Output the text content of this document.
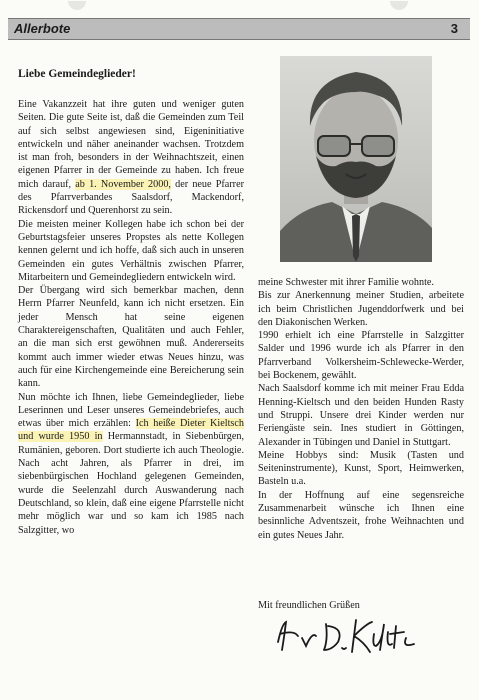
Allerbote	3
Liebe Gemeindeglieder!

Eine Vakanzzeit hat ihre guten und weniger guten Seiten. Die gute Seite ist, daß die Gemeinden zum Teil auf sich selbst angewiesen sind, Eigeninitiative entwickeln und näher aneinander wachsen. Trotzdem ist man froh, besonders in der Weihnachtszeit, einen eigenen Pfarrer in der Gemeinde zu haben. Ich freue mich darauf, ab 1. November 2000, der neue Pfarrer des Pfarrverbandes Saalsdorf, Mackendorf, Rickensdorf und Querenhorst zu sein.

Die meisten meiner Kollegen habe ich schon bei der Geburtstagsfeier unseres Propstes als nette Kollegen kennen gelernt und ich hoffe, daß sich auch in unseren Gemeinden ein gutes Verhältnis zwischen Pfarrer, Mitarbeitern und Gemeindegliedern entwickeln wird.

Der Übergang wird sich bemerkbar machen, denn Herrn Pfarrer Neunfeld, kann ich nicht ersetzen. Ein jeder Mensch hat seine eigenen Charaktereigenschaften, Qualitäten und auch Fehler, an die man sich erst gewöhnen muß. Andererseits kommt auch immer wieder etwas Neues hinzu, was auch für eine Kirchengemeinde eine Bereicherung sein kann.

Nun möchte ich Ihnen, liebe Gemeindeglieder, liebe Leserinnen und Leser unseres Gemeindebriefes, auch etwas über mich erzählen: Ich heiße Dieter Kieltsch und wurde 1950 in Hermannstadt, in Siebenbürgen, Rumänien, geboren. Dort studierte ich auch Theologie. Nach acht Jahren, als Pfarrer in drei, im siebenbürgischen Hochland gelegenen Gemeinden, wurde die Seelenzahl durch Auswanderung nach Deutschland, so klein, daß eine eigene Pfarrstelle nicht mehr möglich war und so kam ich 1985 nach Salzgitter, wo

meine Schwester mit ihrer Familie wohnte.

Bis zur Anerkennung meiner Studien, arbeitete ich beim Christlichen Jugenddorfwerk und bei den Diakonischen Werken.

1990 erhielt ich eine Pfarrstelle in Salzgitter Salder und 1996 wurde ich als Pfarrer in den Pfarrverband Volkersheim-Schlewecke-Werder, bei Bockenem, gewählt.

Nach Saalsdorf komme ich mit meiner Frau Edda Henning-Kieltsch und den beiden Hunden Rasty und Struppi. Unsere drei Kinder werden nur Feriengäste sein. Ines studiert in Göttingen, Alexander in Tübingen und Daniel in Stuttgart.

Meine Hobbys sind: Musik (Tasten und Seiteninstrumente), Kunst, Sport, Heimwerken, Basteln u.a.

In der Hoffnung auf eine segensreiche Zusammenarbeit wünsche ich Ihnen eine besinnliche Adventszeit, frohe Weihnachten und ein gutes Neues Jahr.

Mit freundlichen Grüßen
